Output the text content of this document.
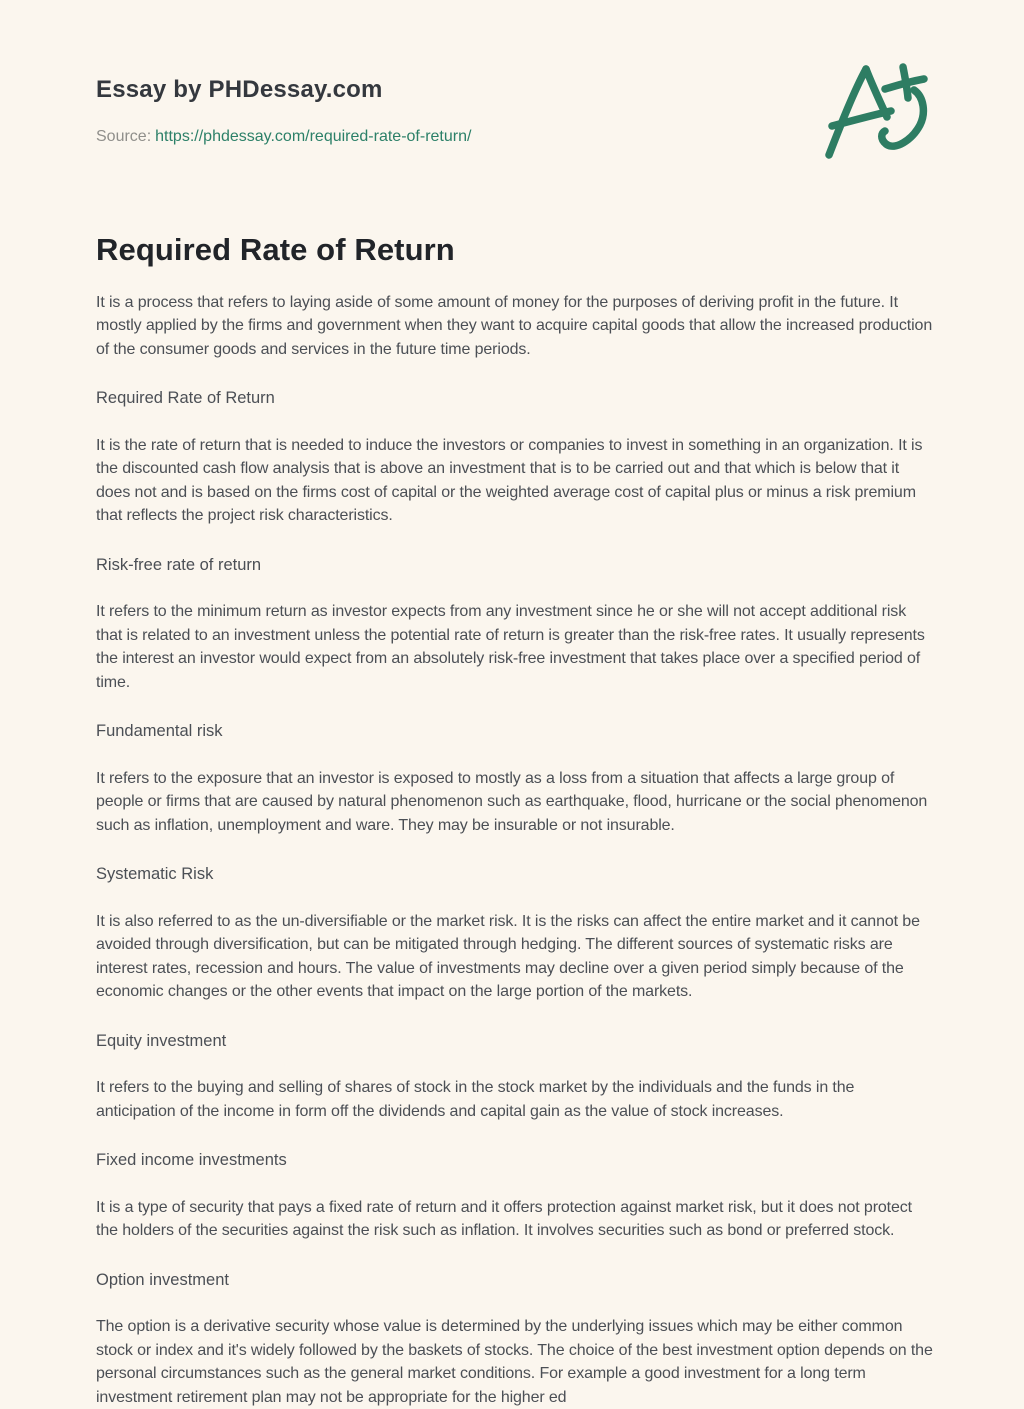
Essay by PHDessay.com
Source: https://phdessay.com/required-rate-of-return/
Required Rate of Return

It is a process that refers to laying aside of some amount of money for the purposes of deriving profit in the future. It mostly applied by the firms and government when they want to acquire capital goods that allow the increased production of the consumer goods and services in the future time periods.

Required Rate of Return

It is the rate of return that is needed to induce the investors or companies to invest in something in an organization. It is the discounted cash flow analysis that is above an investment that is to be carried out and that which is below that it does not and is based on the firms cost of capital or the weighted average cost of capital plus or minus a risk premium that reflects the project risk characteristics.

Risk-free rate of return

It refers to the minimum return as investor expects from any investment since he or she will not accept additional risk that is related to an investment unless the potential rate of return is greater than the risk-free rates. It usually represents the interest an investor would expect from an absolutely risk-free investment that takes place over a specified period of time.

Fundamental risk

It refers to the exposure that an investor is exposed to mostly as a loss from a situation that affects a large group of people or firms that are caused by natural phenomenon such as earthquake, flood, hurricane or the social phenomenon such as inflation, unemployment and ware. They may be insurable or not insurable.

Systematic Risk

It is also referred to as the un-diversifiable or the market risk. It is the risks can affect the entire market and it cannot be avoided through diversification, but can be mitigated through hedging. The different sources of systematic risks are interest rates, recession and hours. The value of investments may decline over a given period simply because of the economic changes or the other events that impact on the large portion of the markets.

Equity investment

It refers to the buying and selling of shares of stock in the stock market by the individuals and the funds in the anticipation of the income in form off the dividends and capital gain as the value of stock increases.

Fixed income investments

It is a type of security that pays a fixed rate of return and it offers protection against market risk, but it does not protect the holders of the securities against the risk such as inflation. It involves securities such as bond or preferred stock.

Option investment

The option is a derivative security whose value is determined by the underlying issues which may be either common stock or index and it's widely followed by the baskets of stocks. The choice of the best investment option depends on the personal circumstances such as the general market conditions. For example a good investment for a long term investment retirement plan may not be appropriate for the higher ed
